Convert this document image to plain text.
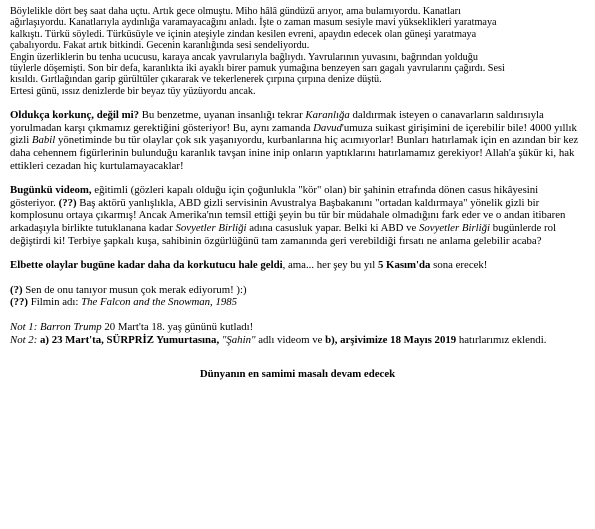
Böylelikle dört beş saat daha uçtu. Artık gece olmuştu. Miho hâlâ gündüzü arıyor, ama bulamıyordu. Kanatları
ağırlaşıyordu. Kanatlarıyla aydınlığa varamayacağını anladı. İşte o zaman masum sesiyle mavi yükseklikleri yaratmaya
kalkıştı. Türkü söyledi. Türküsüyle ve içinin ateşiyle zindan kesilen evreni, apaydın edecek olan güneşi yaratmaya
çabalıyordu. Fakat artık bitkindi. Gecenin karanlığında sesi sendeliyordu.
Engin üzerliklerin bu tenha ucucusu, karaya ancak yavrularıyla bağlıydı. Yavrularının yuvasını, bağrından yolduğu
tüylerle döşemişti. Son bir defa, karanlıkta iki ayaklı birer pamuk yumağına benzeyen sarı gagalı yavrularını çağırdı. Sesi
kısıldı. Gırtlağından garip gürültüler çıkararak ve tekerlenerek çırpına çırpına denize düştü.
Ertesi günü, ıssız denizlerde bir beyaz tüy yüzüyordu ancak.

Oldukça korkunç, değil mi? Bu benzetme, uyanan insanlığı tekrar Karanlığa daldırmak isteyen o canavarların saldırısıyla yorulmadan karşı çıkmamız gerektiğini gösteriyor! Bu, aynı zamanda Davud'umuza suikast girişimini de içerebilir bile! 4000 yıllık gizli Babil yönetiminde bu tür olaylar çok sık yaşanıyordu, kurbanlarına hiç acımıyorlar! Bunları hatırlamak için en azından bir kez daha cehennem figürlerinin bulunduğu karanlık tavşan inine inip onların yaptıklarını hatırlamamız gerekiyor! Allah'a şükür ki, hak ettikleri cezadan hiç kurtulamayacaklar!

Bugünkü videom, eğitimli (gözleri kapalı olduğu için çoğunlukla "kör" olan) bir şahinin etrafında dönen casus hikâyesini gösteriyor. (??) Baş aktörü yanlışlıkla, ABD gizli servisinin Avustralya Başbakanını "ortadan kaldırmaya" yönelik gizli bir komplosunu ortaya çıkarmış! Ancak Amerika'nın temsil ettiği şeyin bu tür bir müdahale olmadığını fark eder ve o andan itibaren arkadaşıyla birlikte tutuklanana kadar Sovyetler Birliği adına casusluk yapar. Belki ki ABD ve Sovyetler Birliği bugünlerde rol değiştirdi ki! Terbiye şapkalı kuşa, sahibinin özgürlüğünü tam zamanında geri verebildiği fırsatı ne anlama gelebilir acaba?

Elbette olaylar bugüne kadar daha da korkutucu hale geldi, ama... her şey bu yıl 5 Kasım'da sona erecek!

(?) Sen de onu tanıyor musun çok merak ediyorum! ):)
(??) Filmin adı: The Falcon and the Snowman, 1985
Not 1: Barron Trump 20 Mart'ta 18. yaş gününü kutladı!
Not 2: a) 23 Mart'ta, SÜRPRİZ Yumurtasına, "Şahin" adlı videom ve b), arşivimize 18 Mayıs 2019 hatırlarımız eklendi.

Dünyanın en samimi masalı devam edecek
